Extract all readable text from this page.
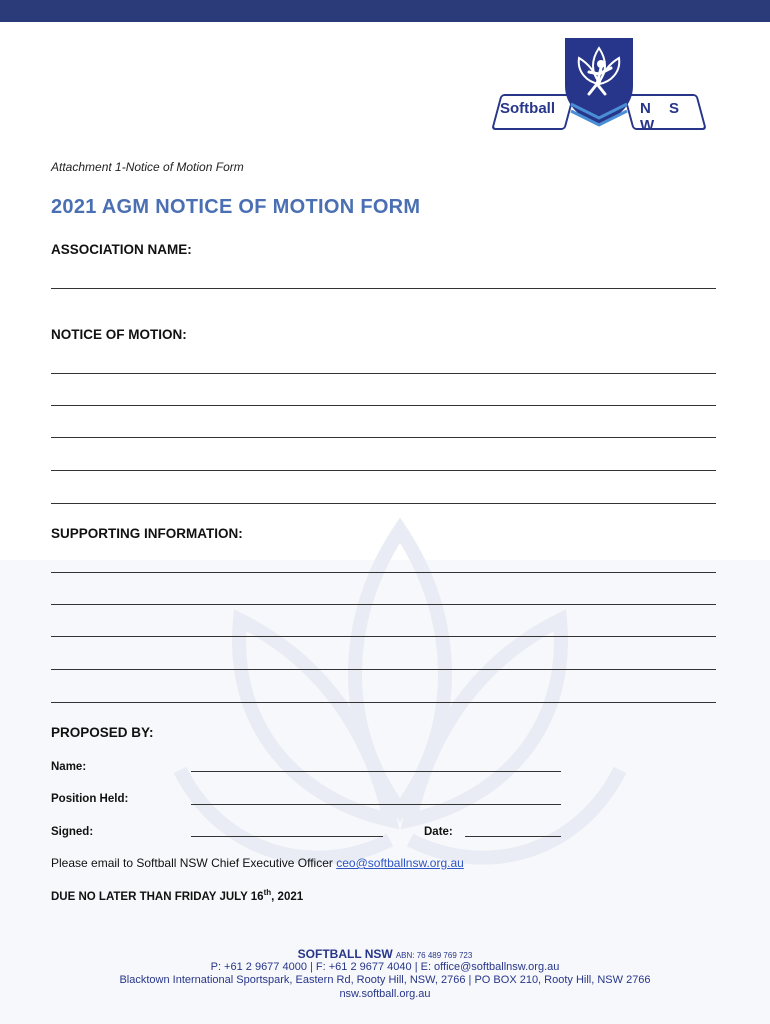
Softball	N S W
Attachment 1-Notice of Motion Form
2021 AGM NOTICE OF MOTION FORM
ASSOCIATION NAME:
NOTICE OF MOTION:
SUPPORTING INFORMATION:
PROPOSED BY:
Name:
Position Held:
Signed:	Date:
Please email to Softball NSW Chief Executive Officer ceo@softballnsw.org.au
DUE NO LATER THAN FRIDAY JULY 16th, 2021
SOFTBALL NSW ABN: 76 489 769 723
P: +61 2 9677 4000 | F: +61 2 9677 4040 | E: office@softballnsw.org.au
Blacktown International Sportspark, Eastern Rd, Rooty Hill, NSW, 2766 | PO BOX 210, Rooty Hill, NSW 2766
nsw.softball.org.au
